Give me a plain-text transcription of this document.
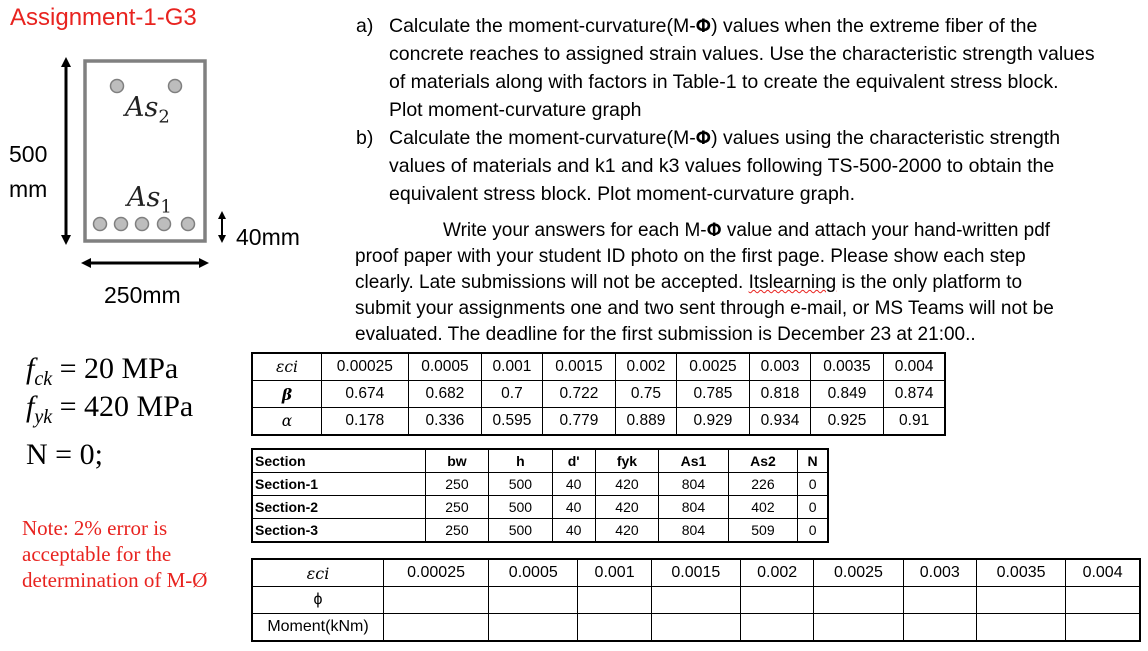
Assignment-1-G3
$As_2$
$As_1$
500
mm
40mm
250mm
$f_{ck} = 20$ MPa
$f_{yk} = 420$ MPa
N = 0;
Note: 2% error is acceptable for the determination of M-Ø
a) Calculate the moment-curvature(M-𝚽) values when the extreme fiber of the
concrete reaches to assigned strain values. Use the characteristic strength values
of materials along with factors in Table-1 to create the equivalent stress block.
Plot moment-curvature graph
b) Calculate the moment-curvature(M-𝚽) values using the characteristic strength
values of materials and k1 and k3 values following TS-500-2000 to obtain the
equivalent stress block. Plot moment-curvature graph.
Write your answers for each M-𝚽 value and attach your hand-written pdf
proof paper with your student ID photo on the first page. Please show each step
clearly. Late submissions will not be accepted. Itslearning is the only platform to
submit your assignments one and two sent through e-mail, or MS Teams will not be
evaluated. The deadline for the first submission is December 23 at 21:00..
εci	0.00025	0.0005	0.001	0.0015	0.002	0.0025	0.003	0.0035	0.004
β	0.674	0.682	0.7	0.722	0.75	0.785	0.818	0.849	0.874
α	0.178	0.336	0.595	0.779	0.889	0.929	0.934	0.925	0.91
Section	bw	h	d'	fyk	As1	As2	N
Section-1	250	500	40	420	804	226	0
Section-2	250	500	40	420	804	402	0
Section-3	250	500	40	420	804	509	0
εci	0.00025	0.0005	0.001	0.0015	0.002	0.0025	0.003	0.0035	0.004
ϕ									
Moment(kNm)									
